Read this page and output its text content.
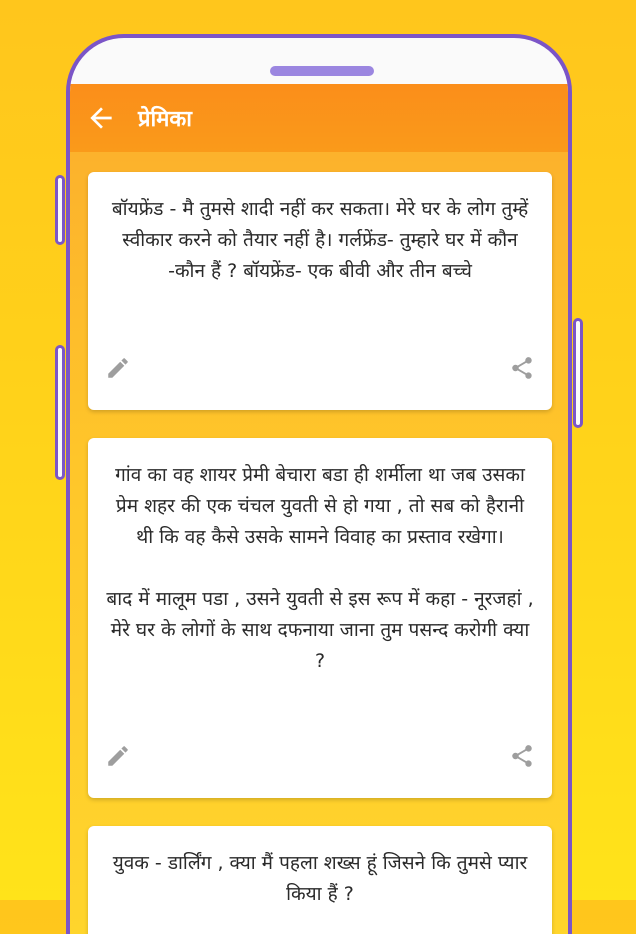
प्रेमिका
बॉयफ्रेंड - मै तुमसे शादी नहीं कर सकता। मेरे घर के लोग तुम्हें स्वीकार करने को तैयार नहीं है। गर्लफ्रेंड- तुम्हारे घर में कौन -कौन हैं ? बॉयफ्रेंड- एक बीवी और तीन बच्चे
गांव का वह शायर प्रेमी बेचारा बडा ही शर्मीला था जब उसका प्रेम शहर की एक चंचल युवती से हो गया , तो सब को हैरानी थी कि वह कैसे उसके सामने विवाह का प्रस्ताव रखेगा।

बाद में मालूम पडा , उसने युवती से इस रूप में कहा - नूरजहां , मेरे घर के लोगों के साथ दफनाया जाना तुम पसन्द करोगी क्या ?
युवक - डार्लिंग , क्या मैं पहला शख्स हूं जिसने कि तुमसे प्यार किया हैं ?
